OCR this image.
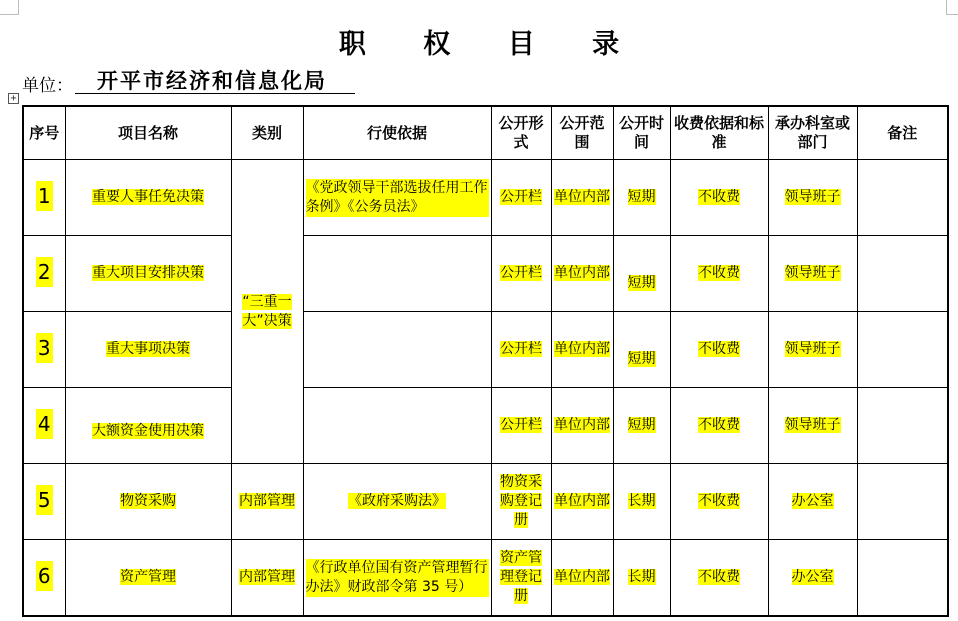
职 权 目 录
单位：	开平市经济和信息化局
+
序号	项目名称	类别	行使依据	公开形式	公开范围	公开时间	收费依据和标准	承办科室或部门	备注
1	重要人事任免决策	“三重一大”决策	《党政领导干部选拔任用工作条例》《公务员法》	公开栏	单位内部	短期	不收费	领导班子	
2	重大项目安排决策			公开栏	单位内部	短期	不收费	领导班子	
3	重大事项决策			公开栏	单位内部	短期	不收费	领导班子	
4	大额资金使用决策			公开栏	单位内部	短期	不收费	领导班子	
5	物资采购	内部管理	《政府采购法》	物资采购登记册	单位内部	长期	不收费	办公室	
6	资产管理	内部管理	《行政单位国有资产管理暂行办法》财政部令第 35 号）	资产管理登记册	单位内部	长期	不收费	办公室	
